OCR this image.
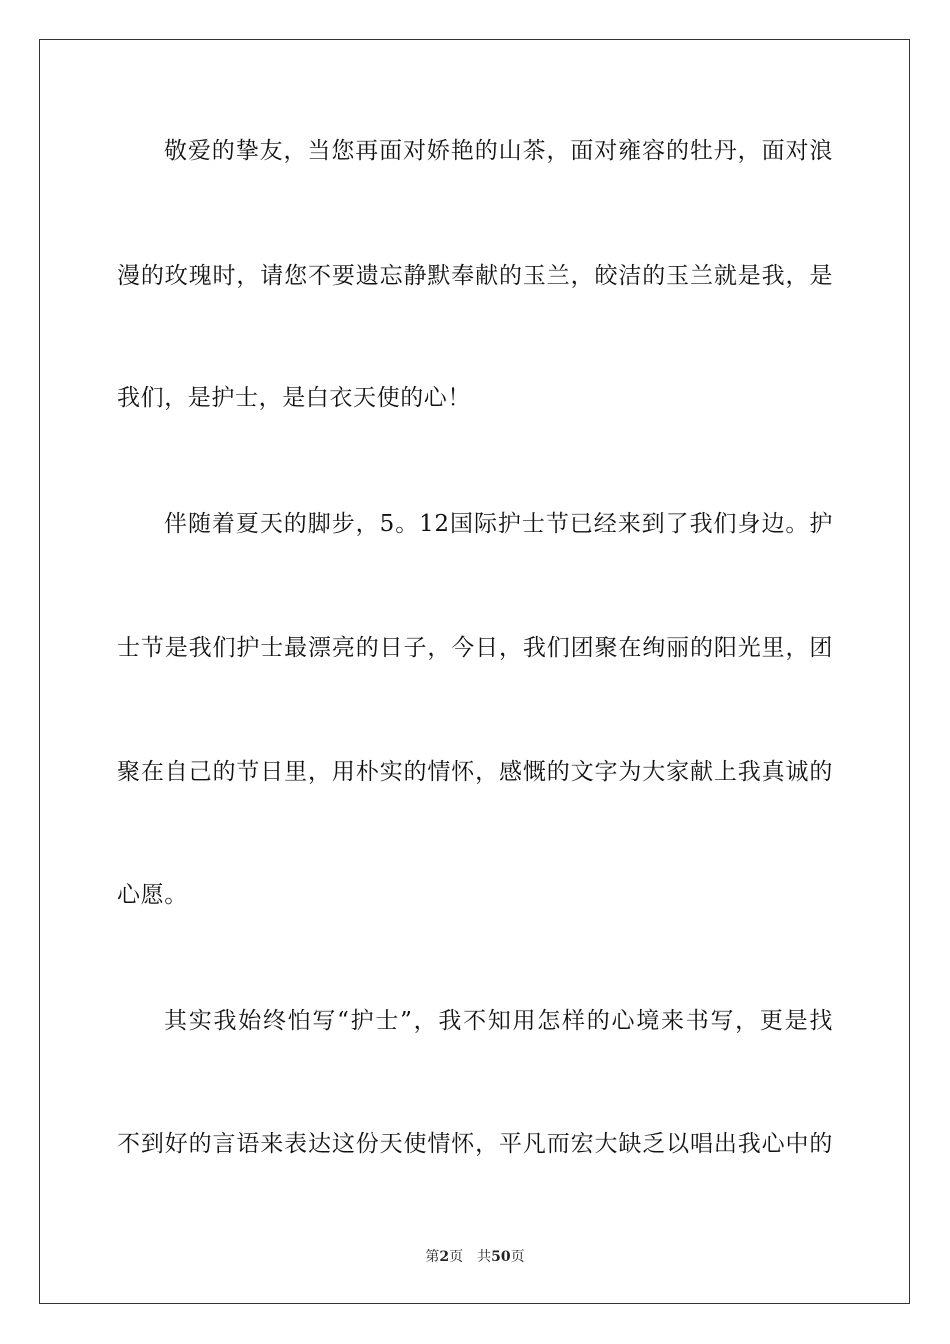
敬爱的挚友，当您再面对娇艳的山茶，面对雍容的牡丹，面对浪
漫的玫瑰时，请您不要遗忘静默奉献的玉兰，皎洁的玉兰就是我，是
我们，是护士，是白衣天使的心！
伴随着夏天的脚步，5。12国际护士节已经来到了我们身边。护
士节是我们护士最漂亮的日子，今日，我们团聚在绚丽的阳光里，团
聚在自己的节日里，用朴实的情怀，感慨的文字为大家献上我真诚的
心愿。
其实我始终怕写“护士”，我不知用怎样的心境来书写，更是找
不到好的言语来表达这份天使情怀，平凡而宏大缺乏以唱出我心中的
第2页 共50页
